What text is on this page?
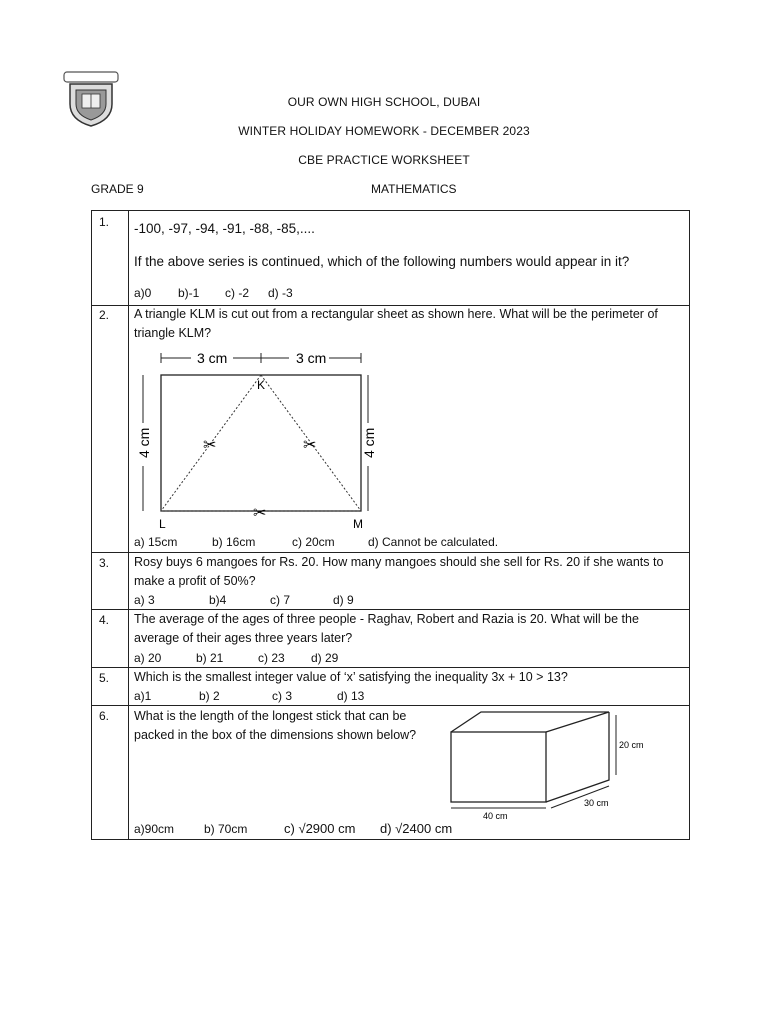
OUR OWN HIGH SCHOOL, DUBAI
WINTER HOLIDAY HOMEWORK - DECEMBER 2023
CBE PRACTICE WORKSHEET
GRADE 9	MATHEMATICS
1. -100, -97, -94, -91, -88, -85,....
If the above series is continued, which of the following numbers would appear in it?
a)0 b)-1 c) -2 d) -3
2. A triangle KLM is cut out from a rectangular sheet as shown here. What will be the perimeter of triangle KLM?
3 cm	3 cm
4 cm	4 cm
K
L	M
✂	✂
✂
a) 15cm	b) 16cm	c) 20cm	d) Cannot be calculated.
3. Rosy buys 6 mangoes for Rs. 20. How many mangoes should she sell for Rs. 20 if she wants to make a profit of 50%?
a) 3	b)4	c) 7	d) 9
4. The average of the ages of three people - Raghav, Robert and Razia is 20. What will be the average of their ages three years later?
a) 20	b) 21	c) 23 d) 29
5. Which is the smallest integer value of ‘x’ satisfying the inequality 3x + 10 > 13?
a)1	b) 2	c) 3	d) 13
6. What is the length of the longest stick that can be packed in the box of the dimensions shown below?
20 cm
30 cm
40 cm
a)90cm b) 70cm	c) √2900 cm d) √2400 cm
